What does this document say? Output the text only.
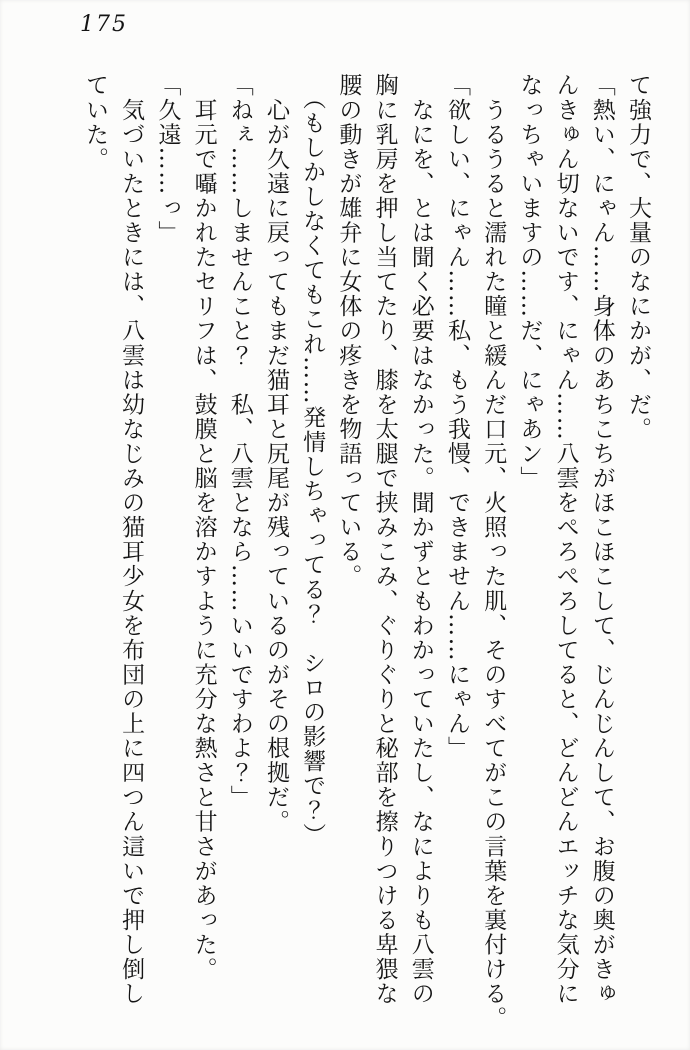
175

て強力で、大量のなにかが、だ。

「熱い、にゃん……身体のあちこちがほこほこして、じんじんして、お腹の奥がきゅ

んきゅん切ないです、にゃん……八雲をぺろぺろしてると、どんどんエッチな気分に

なっちゃいますの……だ、にゃあン」

　うるうると濡れた瞳と緩んだ口元、火照った肌、そのすべてがこの言葉を裏付ける。

「欲しい、にゃん……私、もう我慢、できません……にゃん」

　なにを、とは聞く必要はなかった。聞かずともわかっていたし、なによりも八雲の

胸に乳房を押し当てたり、膝を太腿で挟みこみ、ぐりぐりと秘部を擦りつける卑猥な

腰の動きが雄弁に女体の疼きを物語っている。

　（もしかしなくてもこれ……発情しちゃってる？　シロの影響で？）

　心が久遠に戻ってもまだ猫耳と尻尾が残っているのがその根拠だ。

「ねぇ……しませんこと？　私、八雲となら……いいですわよ？」

　耳元で囁かれたセリフは、鼓膜と脳を溶かすように充分な熱さと甘さがあった。

「久遠……っ」

　気づいたときには、八雲は幼なじみの猫耳少女を布団の上に四つん這いで押し倒し

ていた。
